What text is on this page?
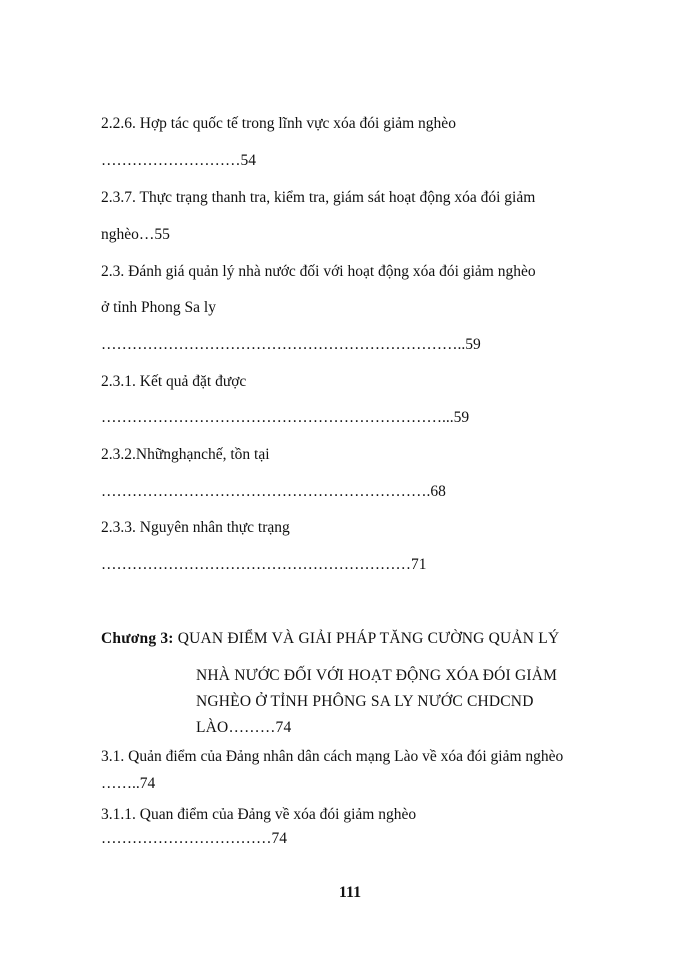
2.2.6. Hợp tác quốc tế trong lĩnh vực xóa đói giảm nghèo
………………………54
2.3.7. Thực trạng thanh tra, kiểm tra, giám sát hoạt động xóa đói giảm
nghèo…55
2.3. Đánh giá quản lý nhà nước đối với hoạt động xóa đói giảm nghèo
ở tỉnh Phong Sa ly
……………………………………………………………..59
2.3.1. Kết quả đặt được
…………………………………………………………...59
2.3.2.Nhữnghạnchế, tồn tại
……………………………………………………….68
2.3.3. Nguyên nhân thực trạng
……………………………………………………71
Chương 3: QUAN ĐIỂM VÀ GIẢI PHÁP TĂNG CƯỜNG QUẢN LÝ
NHÀ NƯỚC ĐỐI VỚI HOẠT ĐỘNG XÓA ĐÓI GIẢM
NGHÈO Ở TỈNH PHÔNG SA LY NƯỚC CHDCND
LÀO………74
3.1. Quản điểm của Đảng nhân dân cách mạng Lào về xóa đói giảm nghèo
……..74
3.1.1. Quan điểm của Đảng về xóa đói giảm nghèo
……………………………74
111
